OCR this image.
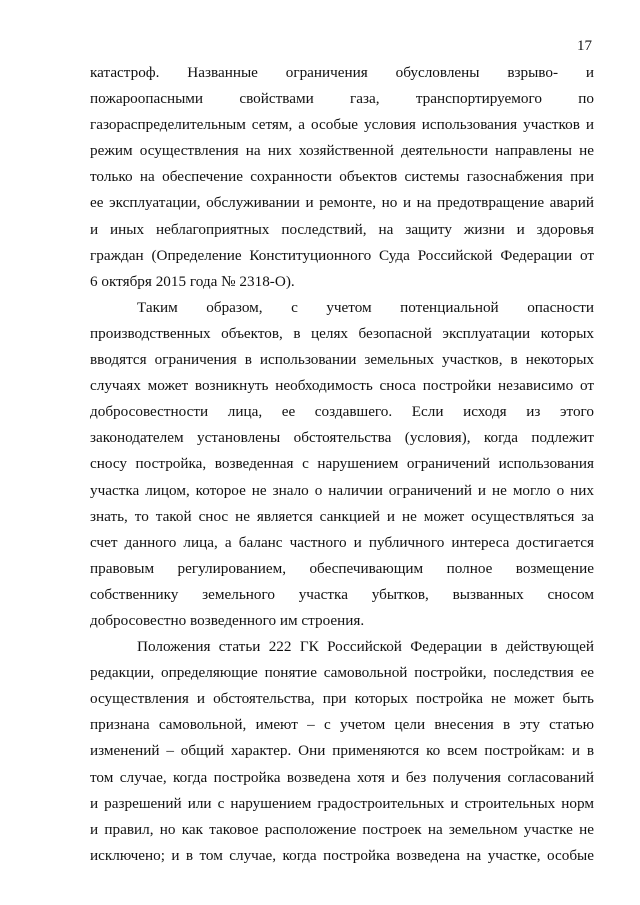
17

катастроф. Названные ограничения обусловлены взрыво- и
пожароопасными свойствами газа, транспортируемого по
газораспределительным сетям, а особые условия использования участков и
режим осуществления на них хозяйственной деятельности направлены не
только на обеспечение сохранности объектов системы газоснабжения при
ее эксплуатации, обслуживании и ремонте, но и на предотвращение аварий
и иных неблагоприятных последствий, на защиту жизни и здоровья
граждан (Определение Конституционного Суда Российской Федерации от
6 октября 2015 года № 2318-О).

Таким образом, с учетом потенциальной опасности
производственных объектов, в целях безопасной эксплуатации которых
вводятся ограничения в использовании земельных участков, в некоторых
случаях может возникнуть необходимость сноса постройки независимо от
добросовестности лица, ее создавшего. Если исходя из этого
законодателем установлены обстоятельства (условия), когда подлежит
сносу постройка, возведенная с нарушением ограничений использования
участка лицом, которое не знало о наличии ограничений и не могло о них
знать, то такой снос не является санкцией и не может осуществляться за
счет данного лица, а баланс частного и публичного интереса достигается
правовым регулированием, обеспечивающим полное возмещение
собственнику земельного участка убытков, вызванных сносом
добросовестно возведенного им строения.

Положения статьи 222 ГК Российской Федерации в действующей
редакции, определяющие понятие самовольной постройки, последствия ее
осуществления и обстоятельства, при которых постройка не может быть
признана самовольной, имеют – с учетом цели внесения в эту статью
изменений – общий характер. Они применяются ко всем постройкам: и в
том случае, когда постройка возведена хотя и без получения согласований
и разрешений или с нарушением градостроительных и строительных норм
и правил, но как таковое расположение построек на земельном участке не
исключено; и в том случае, когда постройка возведена на участке, особые
